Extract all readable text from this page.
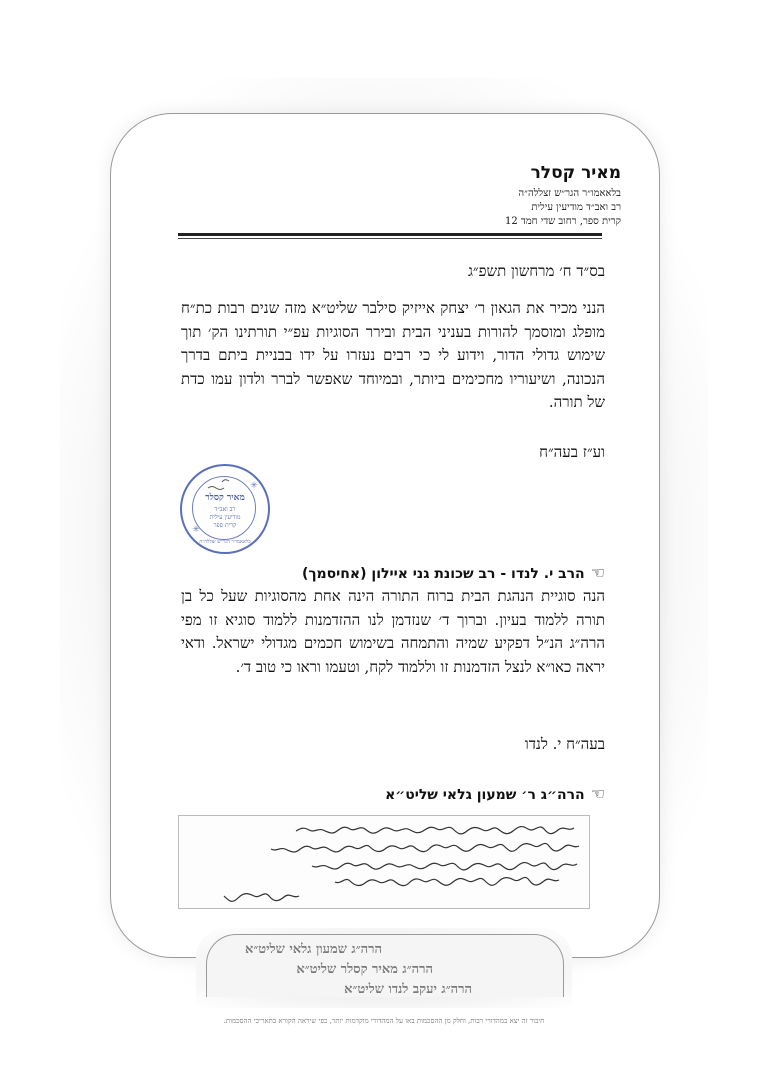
מאיר קסלר
בלאאמו״ר הגר״ש זצללה״ה
רב ואב״ד מודיעין עילית
קרית ספר, רחוב שדי חמד 12
בס״ד ח׳ מרחשון תשפ״ג
הנני מכיר את הגאון ר׳ יצחק אייזיק סילבר שליט״א מזה שנים רבות כת״ח מופלג ומוסמך להורות בעניני הבית ובירר הסוגיות עפ״י תורתינו הק׳ תוך שימוש גדולי הדור, וידוע לי כי רבים נעזרו על ידו בבניית ביתם בדרך הנכונה, ושיעוריו מחכימים ביותר, ובמיוחד שאפשר לברר ולדון עמו כדת של תורה.
וע״ז בעה״ח
✳
✳
מאיר קסלר
רב ואב״ד
מודיעין עילית
קרית ספר
בלאאמו״ר הגר״ש זצללה״ה
☜הרב י. לנדו - רב שכונת גני איילון (אחיסמך)
הנה סוגיית הנהגת הבית ברוח התורה הינה אחת מהסוגיות שעל כל בן תורה ללמוד בעיון. וברוך ד׳ שנזדמן לנו ההזדמנות ללמוד סוגיא זו מפי הרה״ג הנ״ל דפקיע שמיה והתמחה בשימוש חכמים מגדולי ישראל. ודאי יראה כאו״א לנצל הזדמנות זו וללמוד לקח, וטעמו וראו כי טוב ד׳.
בעה״ח י. לנדו
☜הרה״ג ר׳ שמעון גלאי שליט״א
הרה״ג שמעון גלאי שליט״א
הרה״ג מאיר קסלר שליט״א
הרה״ג יעקב לנדו שליט״א
חיבור זה יצא במהדורי רבות, וחלק מן ההסכמות באו על המהדורי מוקדמות יותר, כפי שיראה הקורא בתאריכי ההסכמות.
